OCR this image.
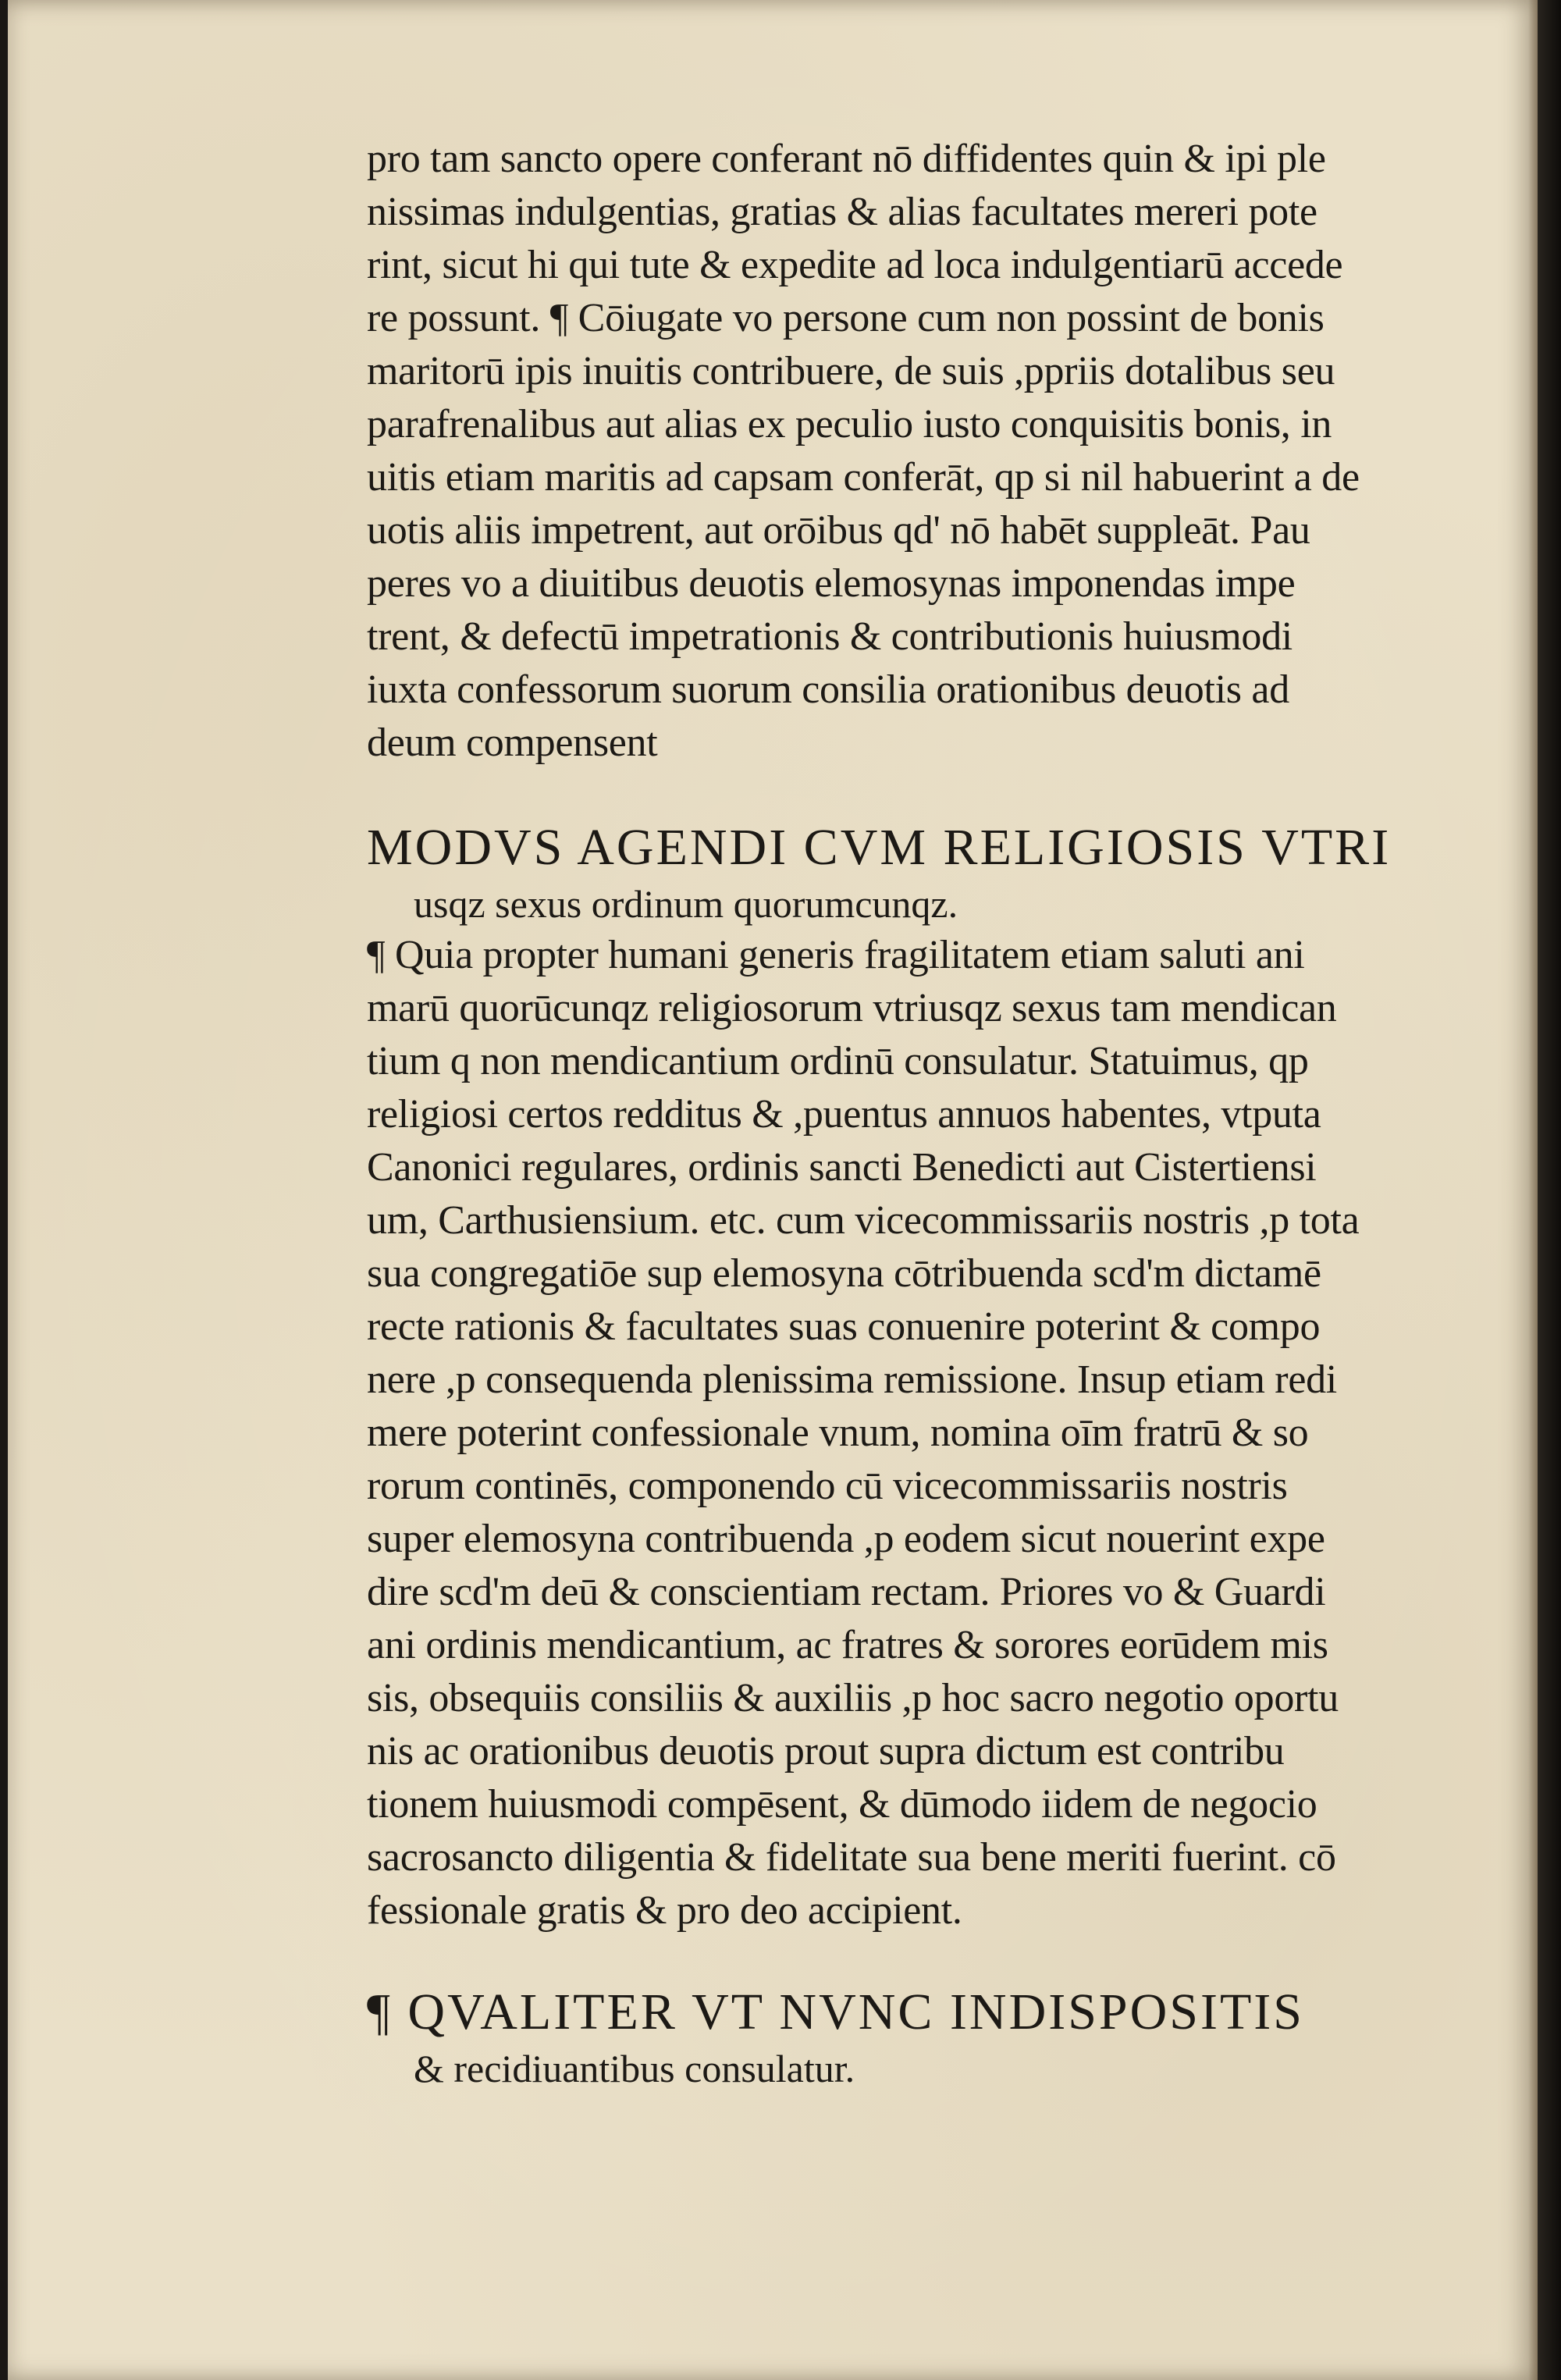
pro tam sancto opere conferant nō diffidentes quin & ipi ple
nissimas indulgentias, gratias & alias facultates mereri pote
rint, sicut hi qui tute & expedite ad loca indulgentiarū accede
re possunt. ¶ Cōiugate vo persone cum non possint de bonis
maritorū ipis inuitis contribuere, de suis ,ppriis dotalibus seu
parafrenalibus aut alias ex peculio iusto conquisitis bonis, in
uitis etiam maritis ad capsam conferāt, qp si nil habuerint a de
uotis aliis impetrent, aut orōibus qd' nō habēt suppleāt. Pau
peres vo a diuitibus deuotis elemosynas imponendas impe
trent, & defectū impetrationis & contributionis huiusmodi
iuxta confessorum suorum consilia orationibus deuotis ad
deum compensent
MODVS AGENDI CVM RELIGIOSIS VTRI
usqz sexus ordinum quorumcunqz.
¶ Quia propter humani generis fragilitatem etiam saluti ani
marū quorūcunqz religiosorum vtriusqz sexus tam mendican
tium q non mendicantium ordinū consulatur. Statuimus, qp
religiosi certos redditus & ,puentus annuos habentes, vtputa
Canonici regulares, ordinis sancti Benedicti aut Cistertiensi
um, Carthusiensium. etc. cum vicecommissariis nostris ,p tota
sua congregatiōe sup elemosyna cōtribuenda scd'm dictamē
recte rationis & facultates suas conuenire poterint & compo
nere ,p consequenda plenissima remissione. Insup etiam redi
mere poterint confessionale vnum, nomina oīm fratrū & so
rorum continēs, componendo cū vicecommissariis nostris
super elemosyna contribuenda ,p eodem sicut nouerint expe
dire scd'm deū & conscientiam rectam. Priores vo & Guardi
ani ordinis mendicantium, ac fratres & sorores eorūdem mis
sis, obsequiis consiliis & auxiliis ,p hoc sacro negotio oportu
nis ac orationibus deuotis prout supra dictum est contribu
tionem huiusmodi compēsent, & dūmodo iidem de negocio
sacrosancto diligentia & fidelitate sua bene meriti fuerint. cō
fessionale gratis & pro deo accipient.
¶ QVALITER VT NVNC INDISPOSITIS
& recidiuantibus consulatur.
